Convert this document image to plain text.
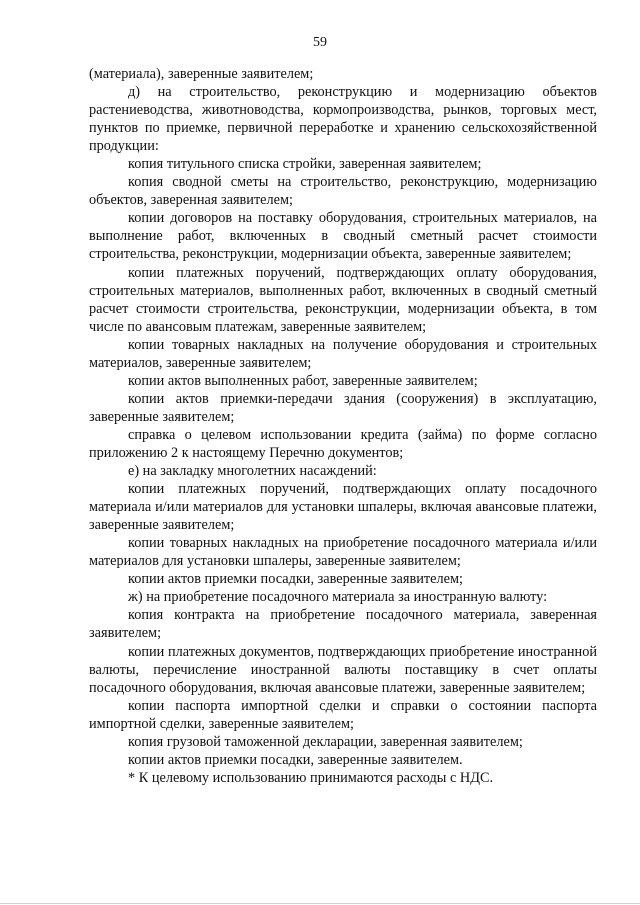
59

(материала), заверенные заявителем;

д) на строительство, реконструкцию и модернизацию объектов растениеводства, животноводства, кормопроизводства, рынков, торговых мест, пунктов по приемке, первичной переработке и хранению сельскохозяйственной продукции:

копия титульного списка стройки, заверенная заявителем;

копия сводной сметы на строительство, реконструкцию, модернизацию объектов, заверенная заявителем;

копии договоров на поставку оборудования, строительных материалов, на выполнение работ, включенных в сводный сметный расчет стоимости строительства, реконструкции, модернизации объекта, заверенные заявителем;

копии платежных поручений, подтверждающих оплату оборудования, строительных материалов, выполненных работ, включенных в сводный сметный расчет стоимости строительства, реконструкции, модернизации объекта, в том числе по авансовым платежам, заверенные заявителем;

копии товарных накладных на получение оборудования и строительных материалов, заверенные заявителем;

копии актов выполненных работ, заверенные заявителем;

копии актов приемки-передачи здания (сооружения) в эксплуатацию, заверенные заявителем;

справка о целевом использовании кредита (займа) по форме согласно приложению 2 к настоящему Перечню документов;

е) на закладку многолетних насаждений:

копии платежных поручений, подтверждающих оплату посадочного материала и/или материалов для установки шпалеры, включая авансовые платежи, заверенные заявителем;

копии товарных накладных на приобретение посадочного материала и/или материалов для установки шпалеры, заверенные заявителем;

копии актов приемки посадки, заверенные заявителем;

ж) на приобретение посадочного материала за иностранную валюту:

копия контракта на приобретение посадочного материала, заверенная заявителем;

копии платежных документов, подтверждающих приобретение иностранной валюты, перечисление иностранной валюты поставщику в счет оплаты посадочного оборудования, включая авансовые платежи, заверенные заявителем;

копии паспорта импортной сделки и справки о состоянии паспорта импортной сделки, заверенные заявителем;

копия грузовой таможенной декларации, заверенная заявителем;

копии актов приемки посадки, заверенные заявителем.

* К целевому использованию принимаются расходы с НДС.
